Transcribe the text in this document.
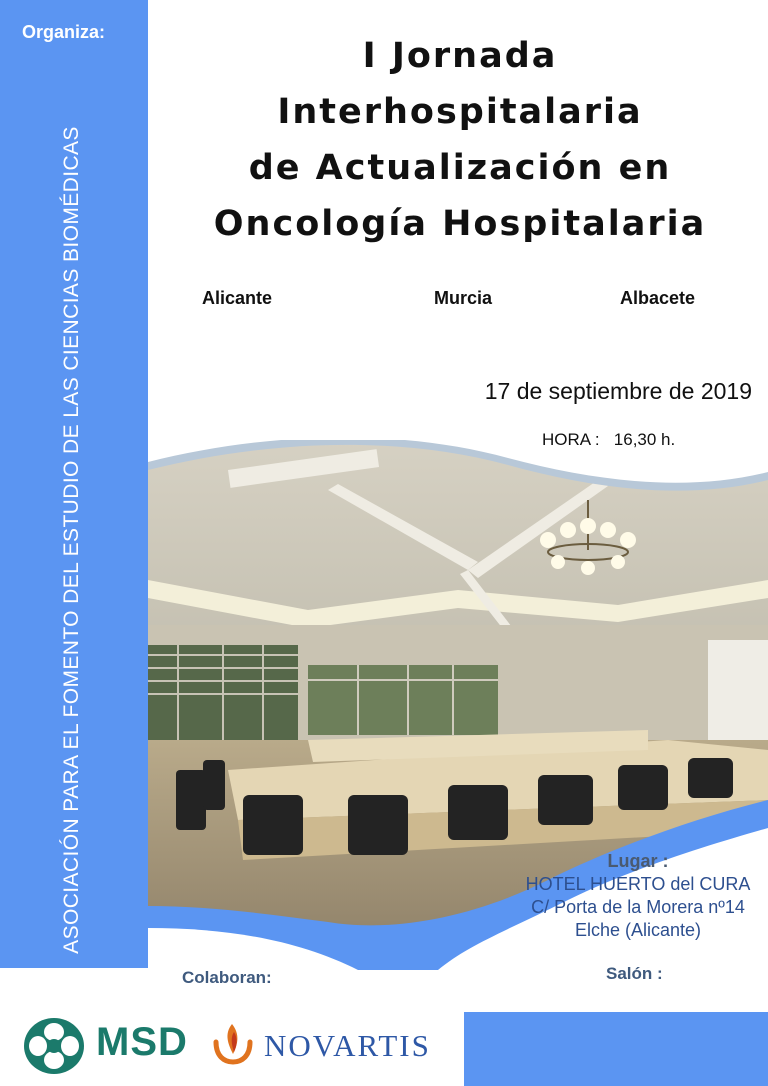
Organiza:
ASOCIACIÓN PARA EL FOMENTO DEL ESTUDIO DE LAS CIENCIAS BIOMÉDICAS
I Jornada
Interhospitalaria
de Actualización en
Oncología Hospitalaria
Alicante	Murcia	Albacete
17 de septiembre de 2019
HORA : 16,30 h.
Lugar :
HOTEL HUERTO del CURA
C/ Porta de la Morera nº14
Elche (Alicante)
Colaboran:	Salón :
MSD NOVARTIS
